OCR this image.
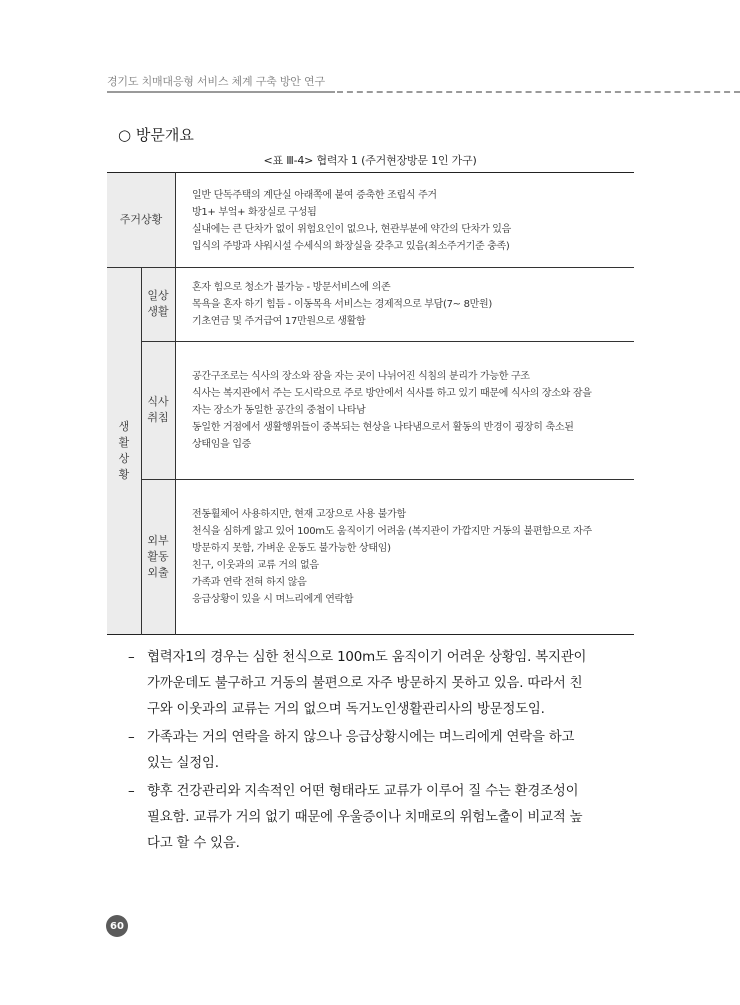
경기도 치매대응형 서비스 체계 구축 방안 연구
○ 방문개요
<표 Ⅲ-4> 협력자 1 (주거현장방문 1인 가구)
주거상황
생
활
상
황
일상
생활
식사
취침
외부
활동
외출
일반 단독주택의 계단실 아래쪽에 붙여 증축한 조립식 주거
방1+ 부엌+ 화장실로 구성됨
실내에는 큰 단차가 없이 위험요인이 없으나, 현관부분에 약간의 단차가 있음
입식의 주방과 샤워시설 수세식의 화장실을 갖추고 있음(최소주거기준 충족)
혼자 힘으로 청소가 불가능 - 방문서비스에 의존
목욕을 혼자 하기 힘듬 - 이동목욕 서비스는 경제적으로 부담(7~ 8만원)
기초연금 및 주거급여 17만원으로 생활함
공간구조로는 식사의 장소와 잠을 자는 곳이 나뉘어진 식침의 분리가 가능한 구조
식사는 복지관에서 주는 도시락으로 주로 방안에서 식사를 하고 있기 때문에 식사의 장소와 잠을
자는 장소가 동일한 공간의 중첩이 나타남
동일한 거점에서 생활행위들이 중복되는 현상을 나타냄으로서 활동의 반경이 굉장히 축소된
상태임을 입증
전동휠체어 사용하지만, 현재 고장으로 사용 불가함
천식을 심하게 앓고 있어 100m도 움직이기 어려움 (복지관이 가깝지만 거동의 불편함으로 자주
방문하지 못함, 가벼운 운동도 불가능한 상태임)
친구, 이웃과의 교류 거의 없음
가족과 연락 전혀 하지 않음
응급상황이 있을 시 며느리에게 연락함
– 협력자1의 경우는 심한 천식으로 100m도 움직이기 어려운 상황임. 복지관이
가까운데도 불구하고 거동의 불편으로 자주 방문하지 못하고 있음. 따라서 친
구와 이웃과의 교류는 거의 없으며 독거노인생활관리사의 방문정도임.
– 가족과는 거의 연락을 하지 않으나 응급상황시에는 며느리에게 연락을 하고
있는 실정임.
– 향후 건강관리와 지속적인 어떤 형태라도 교류가 이루어 질 수는 환경조성이
필요함. 교류가 거의 없기 때문에 우울증이나 치매로의 위험노출이 비교적 높
다고 할 수 있음.
60
